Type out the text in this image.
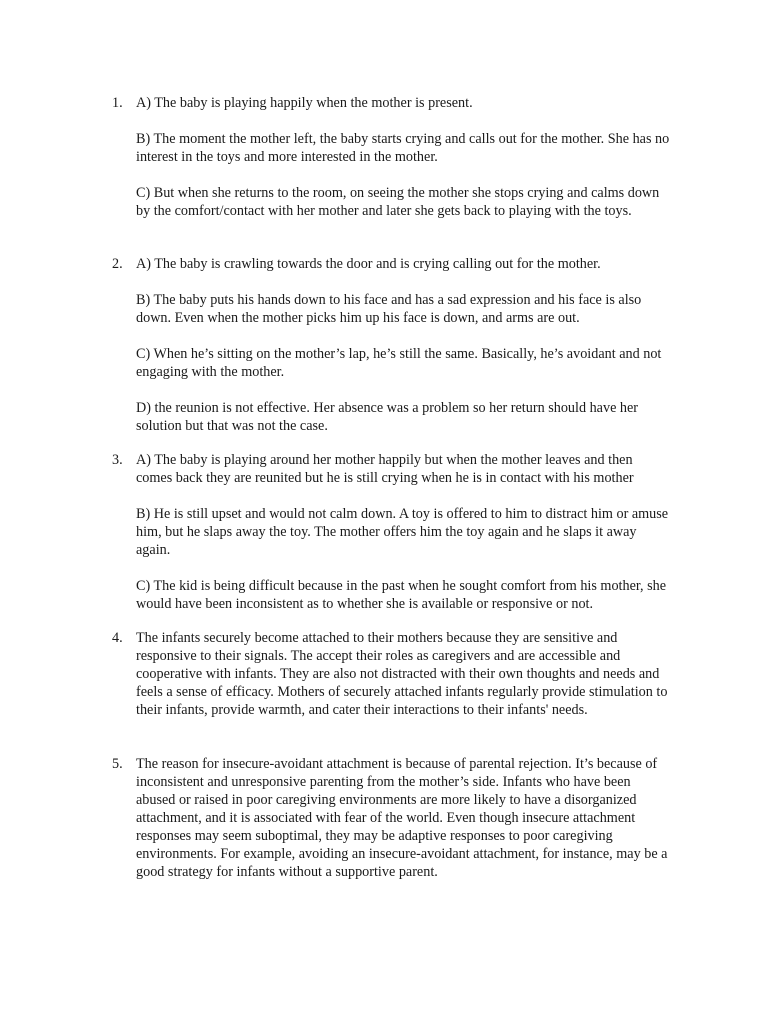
1. A) The baby is playing happily when the mother is present.

B) The moment the mother left, the baby starts crying and calls out for the mother. She has no interest in the toys and more interested in the mother.

C) But when she returns to the room, on seeing the mother she stops crying and calms down by the comfort/contact with her mother and later she gets back to playing with the toys.

2. A) The baby is crawling towards the door and is crying calling out for the mother.

B) The baby puts his hands down to his face and has a sad expression and his face is also down. Even when the mother picks him up his face is down, and arms are out.

C) When he’s sitting on the mother’s lap, he’s still the same. Basically, he’s avoidant and not engaging with the mother.

D) the reunion is not effective. Her absence was a problem so her return should have her solution but that was not the case.

3. A) The baby is playing around her mother happily but when the mother leaves and then comes back they are reunited but he is still crying when he is in contact with his mother

B) He is still upset and would not calm down. A toy is offered to him to distract him or amuse him, but he slaps away the toy. The mother offers him the toy again and he slaps it away again.

C) The kid is being difficult because in the past when he sought comfort from his mother, she would have been inconsistent as to whether she is available or responsive or not.

4. The infants securely become attached to their mothers because they are sensitive and responsive to their signals. The accept their roles as caregivers and are accessible and cooperative with infants. They are also not distracted with their own thoughts and needs and feels a sense of efficacy. Mothers of securely attached infants regularly provide stimulation to their infants, provide warmth, and cater their interactions to their infants' needs.

5. The reason for insecure-avoidant attachment is because of parental rejection. It’s because of inconsistent and unresponsive parenting from the mother’s side. Infants who have been abused or raised in poor caregiving environments are more likely to have a disorganized attachment, and it is associated with fear of the world. Even though insecure attachment responses may seem suboptimal, they may be adaptive responses to poor caregiving environments. For example, avoiding an insecure-avoidant attachment, for instance, may be a good strategy for infants without a supportive parent.
